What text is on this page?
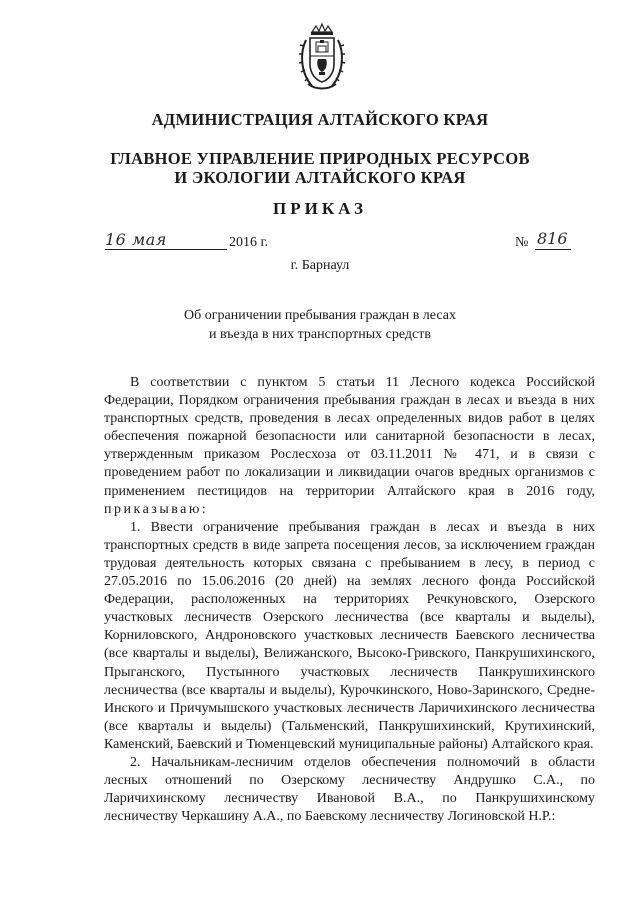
АДМИНИСТРАЦИЯ АЛТАЙСКОГО КРАЯ
ГЛАВНОЕ УПРАВЛЕНИЕ ПРИРОДНЫХ РЕСУРСОВ
И ЭКОЛОГИИ АЛТАЙСКОГО КРАЯ
ПРИКАЗ
16 мая	2016 г.	№ 816
г. Барнаул
Об ограничении пребывания граждан в лесах
и въезда в них транспортных средств

В соответствии с пунктом 5 статьи 11 Лесного кодекса Российской Федерации, Порядком ограничения пребывания граждан в лесах и въезда в них транспортных средств, проведения в лесах определенных видов работ в целях обеспечения пожарной безопасности или санитарной безопасности в лесах, утвержденным приказом Рослесхоза от 03.11.2011 № 471, и в связи с проведением работ по локализации и ликвидации очагов вредных организмов с применением пестицидов на территории Алтайского края в 2016 году, приказываю:

1. Ввести ограничение пребывания граждан в лесах и въезда в них транспортных средств в виде запрета посещения лесов, за исключением граждан трудовая деятельность которых связана с пребыванием в лесу, в период с 27.05.2016 по 15.06.2016 (20 дней) на землях лесного фонда Российской Федерации, расположенных на территориях Речкуновского, Озерского участковых лесничеств Озерского лесничества (все кварталы и выделы), Корниловского, Андроновского участковых лесничеств Баевского лесничества (все кварталы и выделы), Велижанского, Высоко-Гривского, Панкрушихинского, Прыганского, Пустынного участковых лесничеств Панкрушихинского лесничества (все кварталы и выделы), Курочкинского, Ново-Заринского, Средне-Инского и Причумышского участковых лесничеств Ларичихинского лесничества (все кварталы и выделы) (Тальменский, Панкрушихинский, Крутихинский, Каменский, Баевский и Тюменцевский муниципальные районы) Алтайского края.

2. Начальникам-лесничим отделов обеспечения полномочий в области лесных отношений по Озерскому лесничеству Андрушко С.А., по Ларичихинскому лесничеству Ивановой В.А., по Панкрушихинскому лесничеству Черкашину А.А., по Баевскому лесничеству Логиновской Н.Р.:
